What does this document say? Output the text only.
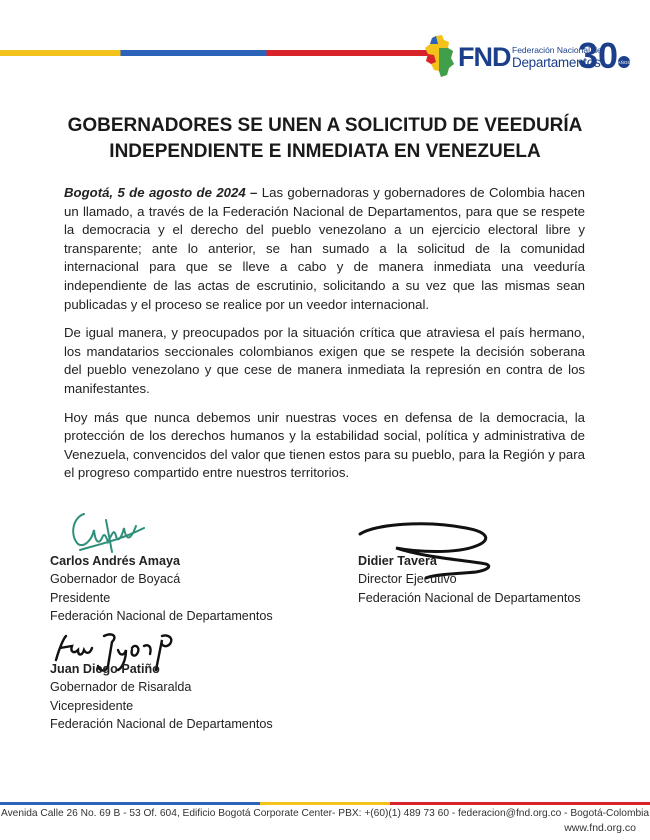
FND Federación Nacional de
Departamentos
30 AÑOS
GOBERNADORES SE UNEN A SOLICITUD DE VEEDURÍA
INDEPENDIENTE E INMEDIATA EN VENEZUELA

Bogotá, 5 de agosto de 2024 – Las gobernadoras y gobernadores de Colombia hacen un llamado, a través de la Federación Nacional de Departamentos, para que se respete la democracia y el derecho del pueblo venezolano a un ejercicio electoral libre y transparente; ante lo anterior, se han sumado a la solicitud de la comunidad internacional para que se lleve a cabo y de manera inmediata una veeduría independiente de las actas de escrutinio, solicitando a su vez que las mismas sean publicadas y el proceso se realice por un veedor internacional.

De igual manera, y preocupados por la situación crítica que atraviesa el país hermano, los mandatarios seccionales colombianos exigen que se respete la decisión soberana del pueblo venezolano y que cese de manera inmediata la represión en contra de los manifestantes.

Hoy más que nunca debemos unir nuestras voces en defensa de la democracia, la protección de los derechos humanos y la estabilidad social, política y administrativa de Venezuela, convencidos del valor que tienen estos para su pueblo, para la Región y para el progreso compartido entre nuestros territorios.

Carlos Andrés Amaya
Gobernador de Boyacá
Presidente
Federación Nacional de Departamentos
Didier Tavera
Director Ejecutivo
Federación Nacional de Departamentos
Juan Diego Patiño
Gobernador de Risaralda
Vicepresidente
Federación Nacional de Departamentos
Avenida Calle 26 No. 69 B - 53 Of. 604, Edificio Bogotá Corporate Center- PBX: +(60)(1) 489 73 60 - federacion@fnd.org.co - Bogotá-Colombia
www.fnd.org.co
